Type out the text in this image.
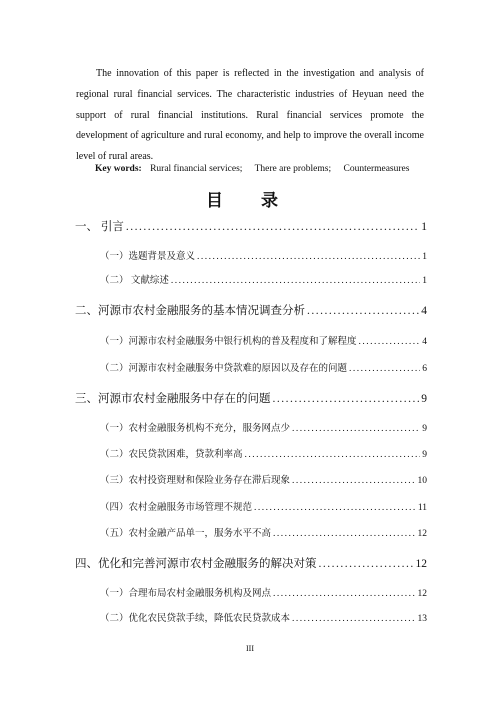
The innovation of this paper is reflected in the investigation and analysis of regional rural financial services. The characteristic industries of Heyuan need the support of rural financial institutions. Rural financial services promote the development of agriculture and rural economy, and help to improve the overall income level of rural areas.

Key words: Rural financial services; There are problems; Countermeasures
目 录
一、 引言 .....	1
（一）选题背景及意义 .....	1
（二） 文献综述 .....	1
二、河源市农村金融服务的基本情况调查分析 .....	4
（一）河源市农村金融服务中银行机构的普及程度和了解程度 .....	4
（二）河源市农村金融服务中贷款难的原因以及存在的问题 .....	6
三、河源市农村金融服务中存在的问题 .....	9
（一）农村金融服务机构不充分，服务网点少 .....	9
（二）农民贷款困难，贷款利率高 .....	9
（三）农村投资理财和保险业务存在滞后现象 .....	10
（四）农村金融服务市场管理不规范 .....	11
（五）农村金融产品单一，服务水平不高 .....	12
四、优化和完善河源市农村金融服务的解决对策 .....	12
（一）合理布局农村金融服务机构及网点 .....	12
（二）优化农民贷款手续，降低农民贷款成本 .....	13
III
